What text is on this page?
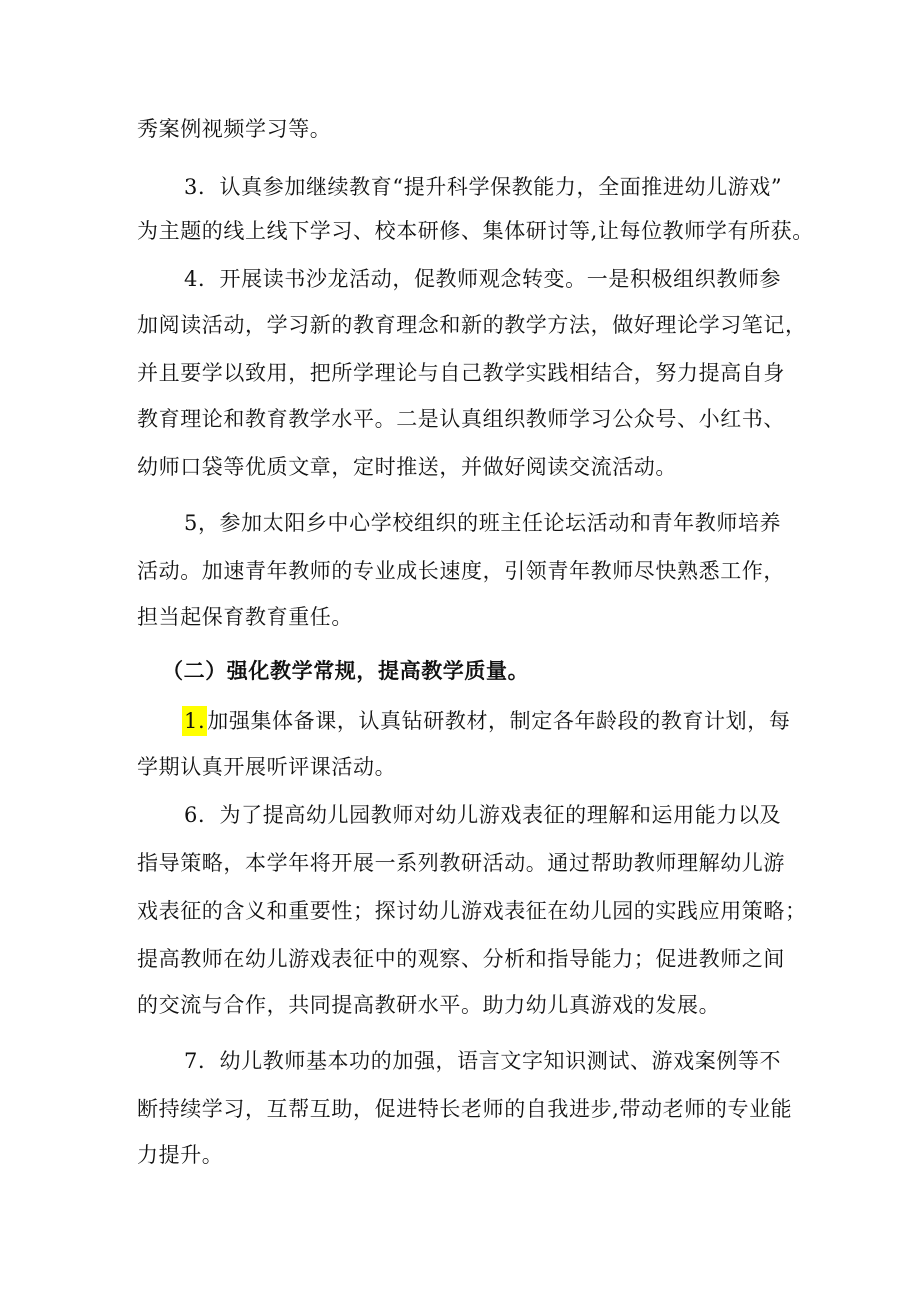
秀案例视频学习等。
3．认真参加继续教育“提升科学保教能力，全面推进幼儿游戏”
为主题的线上线下学习、校本研修、集体研讨等,让每位教师学有所获。
4．开展读书沙龙活动，促教师观念转变。一是积极组织教师参
加阅读活动，学习新的教育理念和新的教学方法，做好理论学习笔记，
并且要学以致用，把所学理论与自己教学实践相结合，努力提高自身
教育理论和教育教学水平。二是认真组织教师学习公众号、小红书、
幼师口袋等优质文章，定时推送，并做好阅读交流活动。
5，参加太阳乡中心学校组织的班主任论坛活动和青年教师培养
活动。加速青年教师的专业成长速度，引领青年教师尽快熟悉工作，
担当起保育教育重任。
（二）强化教学常规，提高教学质量。
1.加强集体备课，认真钻研教材，制定各年龄段的教育计划，每
学期认真开展听评课活动。
6．为了提高幼儿园教师对幼儿游戏表征的理解和运用能力以及
指导策略，本学年将开展一系列教研活动。通过帮助教师理解幼儿游
戏表征的含义和重要性；探讨幼儿游戏表征在幼儿园的实践应用策略；
提高教师在幼儿游戏表征中的观察、分析和指导能力；促进教师之间
的交流与合作，共同提高教研水平。助力幼儿真游戏的发展。
7．幼儿教师基本功的加强，语言文字知识测试、游戏案例等不
断持续学习，互帮互助，促进特长老师的自我进步,带动老师的专业能
力提升。
